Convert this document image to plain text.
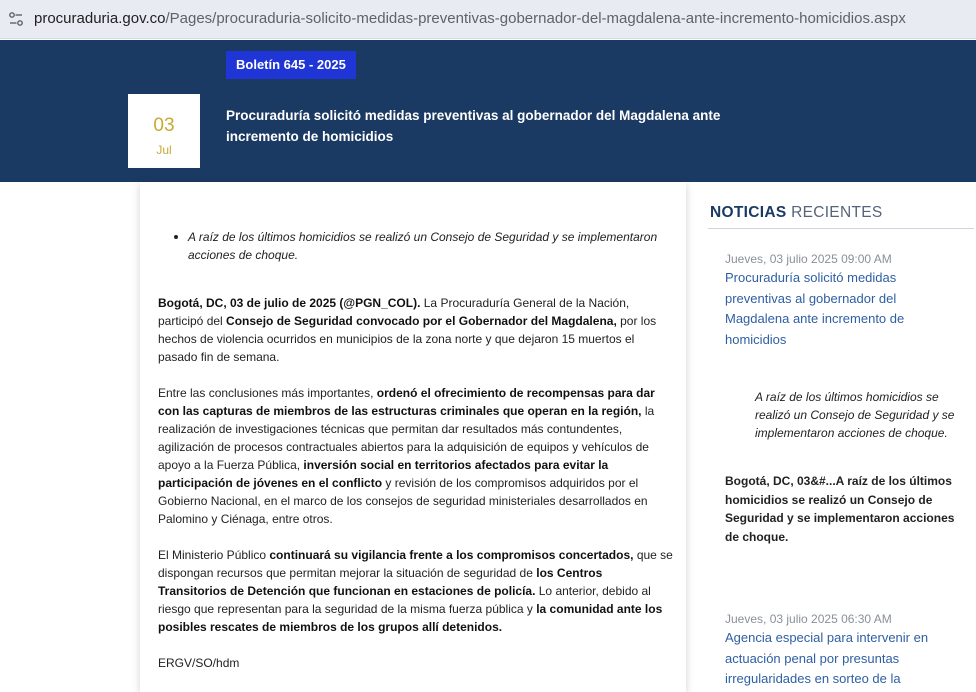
procuraduria.gov.co/Pages/procuraduria-solicito-medidas-preventivas-gobernador-del-magdalena-ante-incremento-homicidios.aspx
Boletín 645 - 2025
03
Jul
Procuraduría solicitó medidas preventivas al gobernador del Magdalena ante incremento de homicidios
A raíz de los últimos homicidios se realizó un Consejo de Seguridad y se implementaron acciones de choque.
Bogotá, DC, 03 de julio de 2025 (@PGN_COL). La Procuraduría General de la Nación, participó del Consejo de Seguridad convocado por el Gobernador del Magdalena, por los hechos de violencia ocurridos en municipios de la zona norte y que dejaron 15 muertos el pasado fin de semana.
Entre las conclusiones más importantes, ordenó el ofrecimiento de recompensas para dar con las capturas de miembros de las estructuras criminales que operan en la región, la realización de investigaciones técnicas que permitan dar resultados más contundentes, agilización de procesos contractuales abiertos para la adquisición de equipos y vehículos de apoyo a la Fuerza Pública, inversión social en territorios afectados para evitar la participación de jóvenes en el conflicto y revisión de los compromisos adquiridos por el Gobierno Nacional, en el marco de los consejos de seguridad ministeriales desarrollados en Palomino y Ciénaga, entre otros.
El Ministerio Público continuará su vigilancia frente a los compromisos concertados, que se dispongan recursos que permitan mejorar la situación de seguridad de los Centros Transitorios de Detención que funcionan en estaciones de policía. Lo anterior, debido al riesgo que representan para la seguridad de la misma fuerza pública y la comunidad ante los posibles rescates de miembros de los grupos allí detenidos.
ERGV/SO/hdm
NOTICIAS RECIENTES
Jueves, 03 julio 2025 09:00 AM
Procuraduría solicitó medidas preventivas al gobernador del Magdalena ante incremento de homicidios
A raíz de los últimos homicidios se realizó un Consejo de Seguridad y se implementaron acciones de choque.
Bogotá, DC, 03&#...A raíz de los últimos homicidios se realizó un Consejo de Seguridad y se implementaron acciones de choque.
Jueves, 03 julio 2025 06:30 AM
Agencia especial para intervenir en actuación penal por presuntas irregularidades en sorteo de la
